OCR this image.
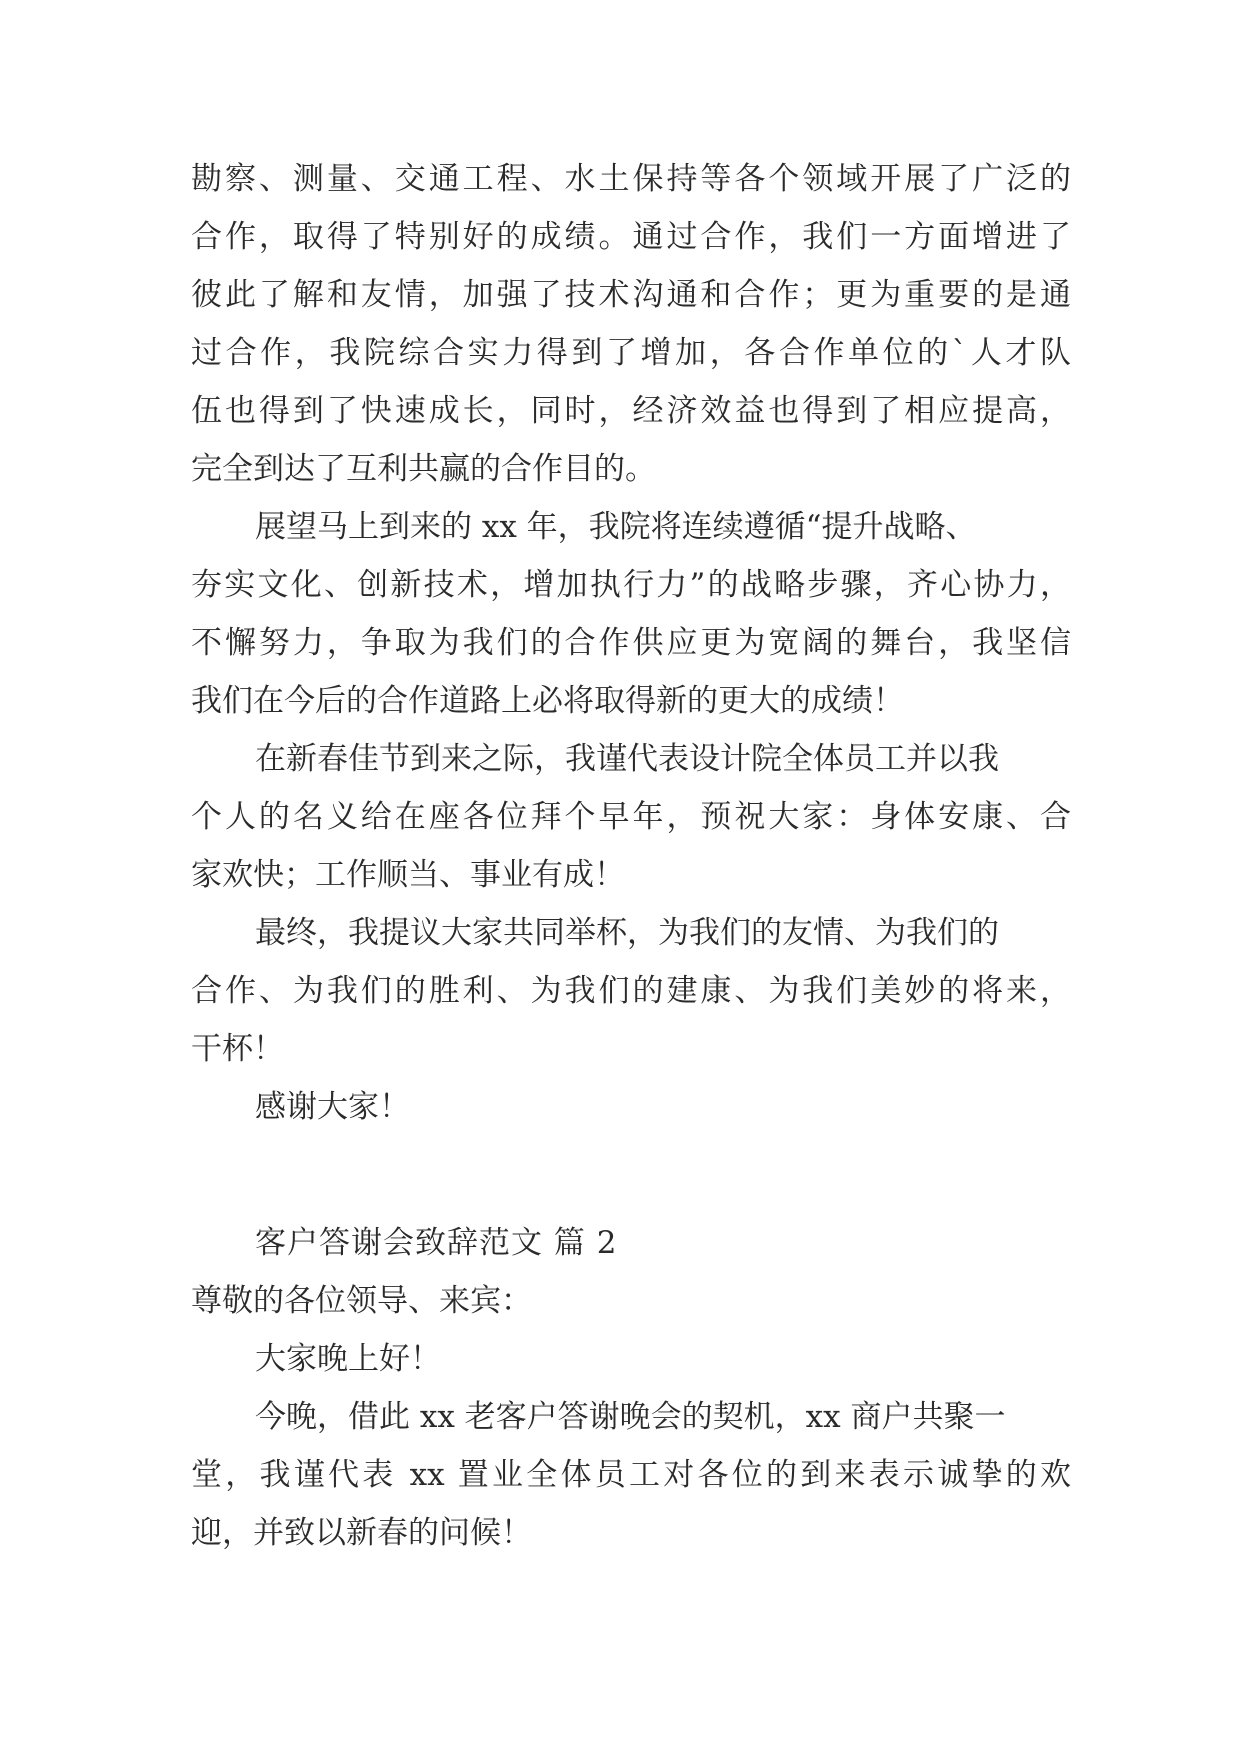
勘察、测量、交通工程、水土保持等各个领域开展了广泛的
合作，取得了特别好的成绩。通过合作，我们一方面增进了
彼此了解和友情，加强了技术沟通和合作；更为重要的是通
过合作，我院综合实力得到了增加，各合作单位的`人才队
伍也得到了快速成长，同时，经济效益也得到了相应提高，
完全到达了互利共赢的合作目的。
展望马上到来的 xx 年，我院将连续遵循“提升战略、
夯实文化、创新技术，增加执行力”的战略步骤，齐心协力，
不懈努力，争取为我们的合作供应更为宽阔的舞台，我坚信
我们在今后的合作道路上必将取得新的更大的成绩！
在新春佳节到来之际，我谨代表设计院全体员工并以我
个人的名义给在座各位拜个早年，预祝大家：身体安康、合
家欢快；工作顺当、事业有成！
最终，我提议大家共同举杯，为我们的友情、为我们的
合作、为我们的胜利、为我们的建康、为我们美妙的将来，
干杯！
感谢大家！
客户答谢会致辞范文 篇 2
尊敬的各位领导、来宾：
大家晚上好！
今晚，借此 xx 老客户答谢晚会的契机，xx 商户共聚一
堂，我谨代表 xx 置业全体员工对各位的到来表示诚挚的欢
迎，并致以新春的问候！
